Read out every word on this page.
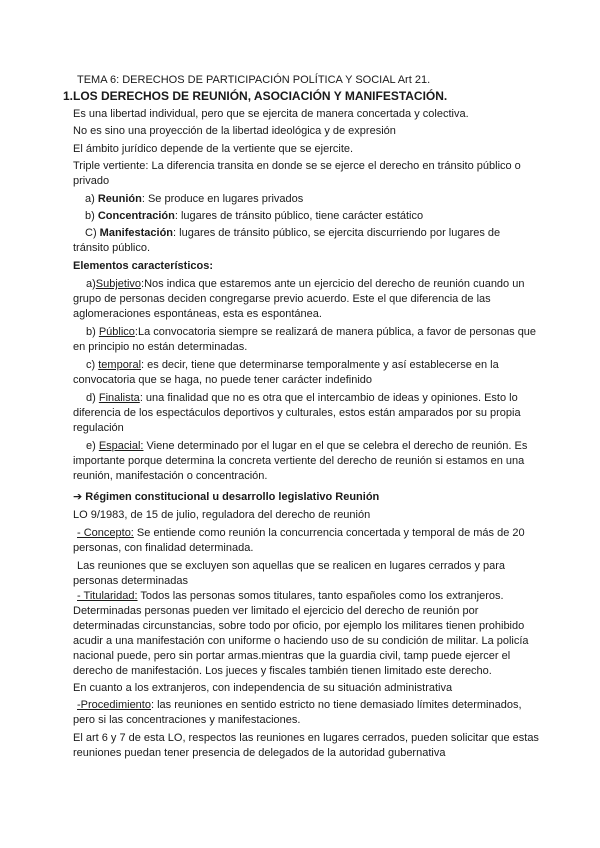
TEMA 6: DERECHOS DE PARTICIPACIÓN POLÍTICA Y SOCIAL Art 21.
1.LOS DERECHOS DE REUNIÓN, ASOCIACIÓN Y MANIFESTACIÓN.
Es una libertad individual, pero que se ejercita de manera concertada y colectiva.
No es sino una proyección de la libertad ideológica y de expresión
El ámbito jurídico depende de la vertiente que se ejercite.
Triple vertiente: La diferencia transita en donde se se ejerce el derecho en tránsito público o
privado
a) Reunión: Se produce en lugares privados
b) Concentración: lugares de tránsito público, tiene carácter estático
C) Manifestación: lugares de tránsito público, se ejercita discurriendo por lugares de
tránsito público.
Elementos característicos:
a)Subjetivo:Nos indica que estaremos ante un ejercicio del derecho de reunión cuando un
grupo de personas deciden congregarse previo acuerdo. Este el que diferencia de las
aglomeraciones espontáneas, esta es espontánea.
b) Público:La convocatoria siempre se realizará de manera pública, a favor de personas que
en principio no están determinadas.
c) temporal: es decir, tiene que determinarse temporalmente y así establecerse en la
convocatoria que se haga, no puede tener carácter indefinido
d) Finalista: una finalidad que no es otra que el intercambio de ideas y opiniones. Esto lo
diferencia de los espectáculos deportivos y culturales, estos están amparados por su propia
regulación
e) Espacial: Viene determinado por el lugar en el que se celebra el derecho de reunión. Es
importante porque determina la concreta vertiente del derecho de reunión si estamos en una
reunión, manifestación o concentración.
➔ Régimen constitucional u desarrollo legislativo Reunión
LO 9/1983, de 15 de julio, reguladora del derecho de reunión
- Concepto: Se entiende como reunión la concurrencia concertada y temporal de más de 20
personas, con finalidad determinada.
Las reuniones que se excluyen son aquellas que se realicen en lugares cerrados y para
personas determinadas
- Titularidad: Todos las personas somos titulares, tanto españoles como los extranjeros.
Determinadas personas pueden ver limitado el ejercicio del derecho de reunión por
determinadas circunstancias, sobre todo por oficio, por ejemplo los militares tienen prohibido
acudir a una manifestación con uniforme o haciendo uso de su condición de militar. La policía
nacional puede, pero sin portar armas.mientras que la guardia civil, tamp puede ejercer el
derecho de manifestación. Los jueces y fiscales también tienen limitado este derecho.
En cuanto a los extranjeros, con independencia de su situación administrativa
-Procedimiento: las reuniones en sentido estricto no tiene demasiado límites determinados,
pero si las concentraciones y manifestaciones.
El art 6 y 7 de esta LO, respectos las reuniones en lugares cerrados, pueden solicitar que estas
reuniones puedan tener presencia de delegados de la autoridad gubernativa
